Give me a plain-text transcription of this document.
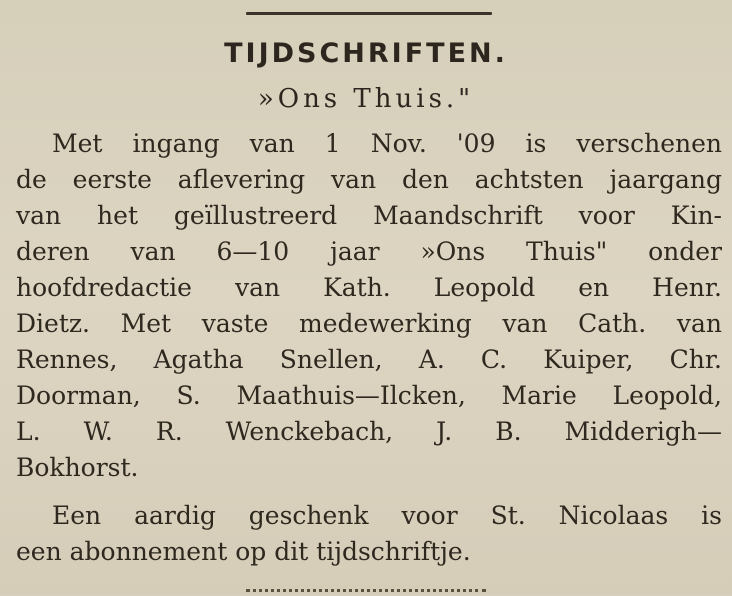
TIJDSCHRIFTEN.
»Ons Thuis."
Met ingang van 1 Nov. '09 is verschenen
de eerste aflevering van den achtsten jaargang
van het geïllustreerd Maandschrift voor Kin-
deren van 6—10 jaar »Ons Thuis" onder
hoofdredactie van Kath. Leopold en Henr.
Dietz. Met vaste medewerking van Cath. van
Rennes, Agatha Snellen, A. C. Kuiper, Chr.
Doorman, S. Maathuis—Ilcken, Marie Leopold,
L. W. R. Wenckebach, J. B. Midderigh—
Bokhorst.
Een aardig geschenk voor St. Nicolaas is
een abonnement op dit tijdschriftje.
